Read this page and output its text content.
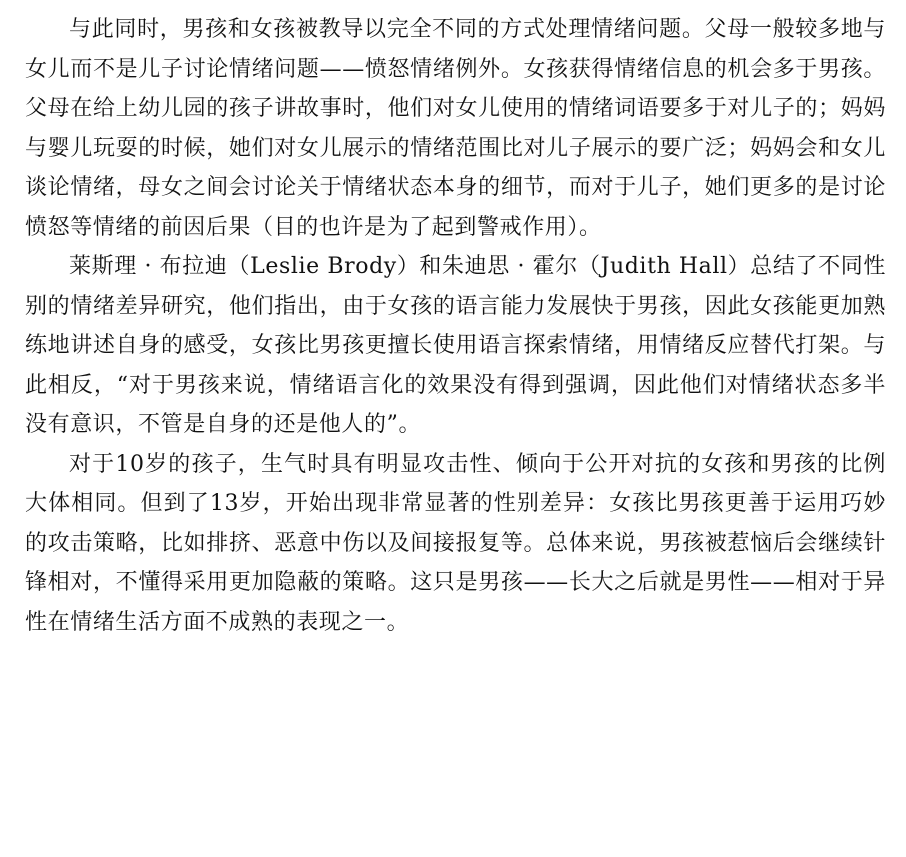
与此同时，男孩和女孩被教导以完全不同的方式处理情绪问题。父母一般较多地与女儿而不是儿子讨论情绪问题——愤怒情绪例外。女孩获得情绪信息的机会多于男孩。父母在给上幼儿园的孩子讲故事时，他们对女儿使用的情绪词语要多于对儿子的；妈妈与婴儿玩耍的时候，她们对女儿展示的情绪范围比对儿子展示的要广泛；妈妈会和女儿谈论情绪，母女之间会讨论关于情绪状态本身的细节，而对于儿子，她们更多的是讨论愤怒等情绪的前因后果（目的也许是为了起到警戒作用）。

莱斯理 · 布拉迪（Leslie Brody）和朱迪思 · 霍尔（Judith Hall）总结了不同性别的情绪差异研究，他们指出，由于女孩的语言能力发展快于男孩，因此女孩能更加熟练地讲述自身的感受，女孩比男孩更擅长使用语言探索情绪，用情绪反应替代打架。与此相反，“对于男孩来说，情绪语言化的效果没有得到强调，因此他们对情绪状态多半没有意识，不管是自身的还是他人的”。

对于10岁的孩子，生气时具有明显攻击性、倾向于公开对抗的女孩和男孩的比例大体相同。但到了13岁，开始出现非常显著的性别差异：女孩比男孩更善于运用巧妙的攻击策略，比如排挤、恶意中伤以及间接报复等。总体来说，男孩被惹恼后会继续针锋相对，不懂得采用更加隐蔽的策略。这只是男孩——长大之后就是男性——相对于异性在情绪生活方面不成熟的表现之一。
